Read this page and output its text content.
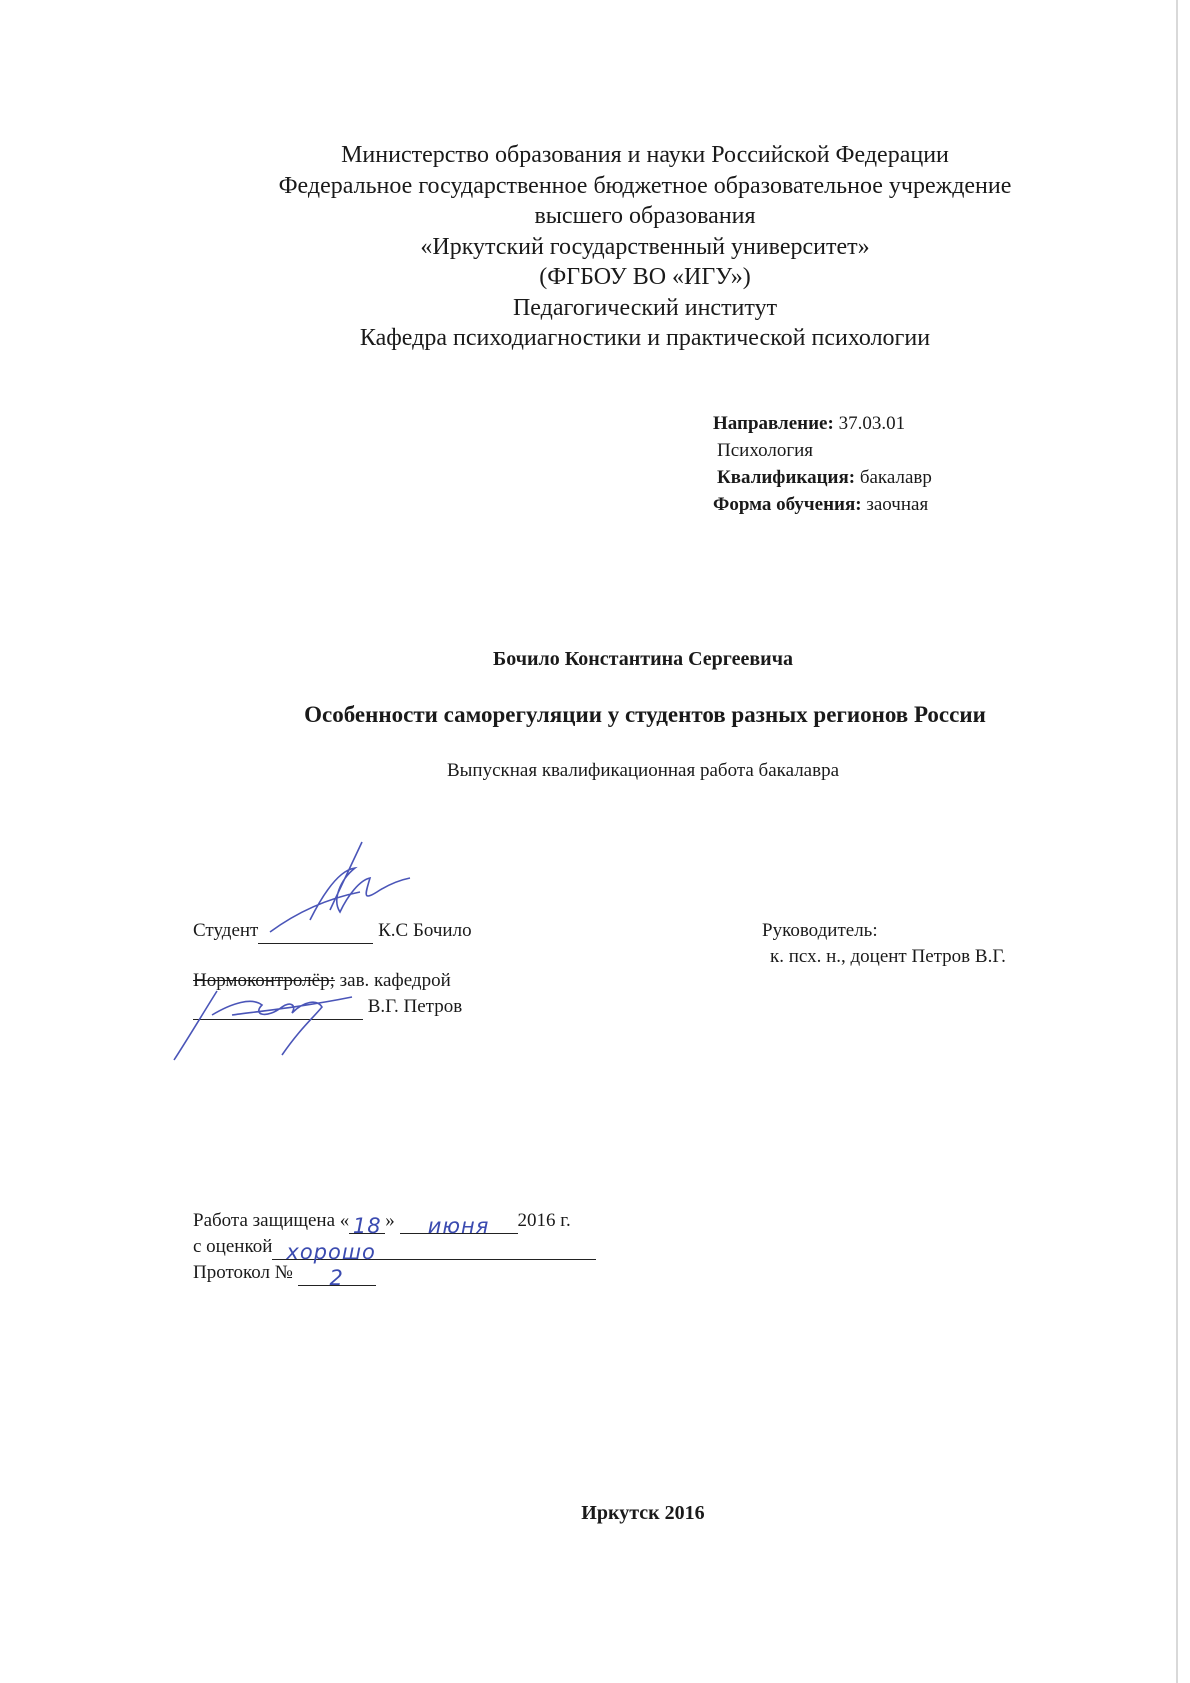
Министерство образования и науки Российской Федерации
Федеральное государственное бюджетное образовательное учреждение
высшего образования
«Иркутский государственный университет»
(ФГБОУ ВО «ИГУ»)
Педагогический институт
Кафедра психодиагностики и практической психологии
Направление: 37.03.01
Психология
Квалификация: бакалавр
Форма обучения: заочная
Бочило Константина Сергеевича
Особенности саморегуляции у студентов разных регионов России
Выпускная квалификационная работа бакалавра
Студент	К.С Бочило
Нормоконтролёр; зав. кафедрой
В.Г. Петров
Руководитель:
к. псх. н., доцент Петров В.Г.
Работа защищена « 18 » июня 2016 г.
с оценкой хорошо
Протокол № 2
Иркутск 2016
